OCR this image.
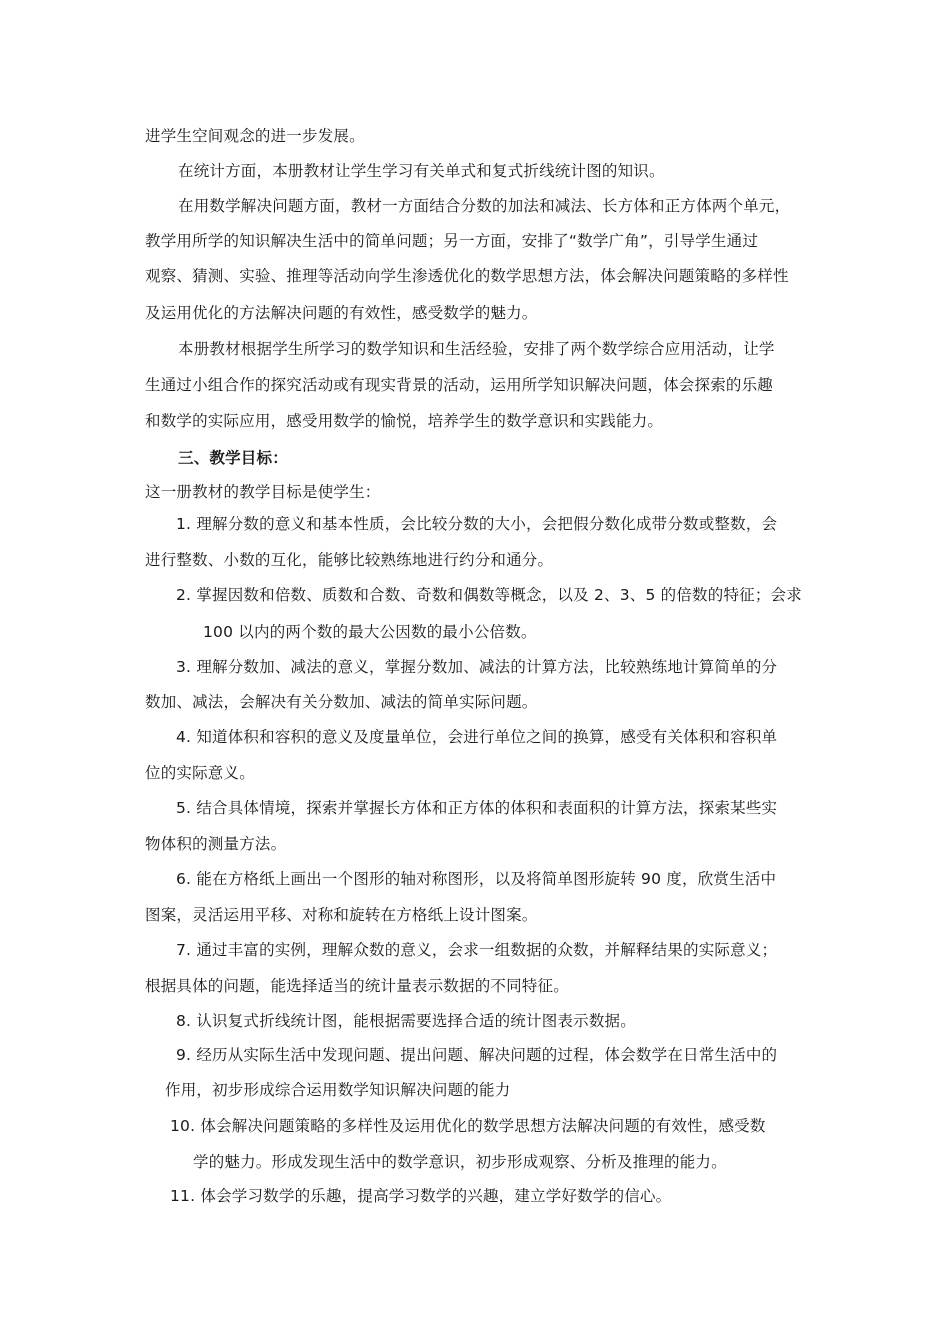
进学生空间观念的进一步发展。
在统计方面，本册教材让学生学习有关单式和复式折线统计图的知识。
在用数学解决问题方面，教材一方面结合分数的加法和减法、长方体和正方体两个单元，
教学用所学的知识解决生活中的简单问题；另一方面，安排了“数学广角”，引导学生通过
观察、猜测、实验、推理等活动向学生渗透优化的数学思想方法，体会解决问题策略的多样性
及运用优化的方法解决问题的有效性，感受数学的魅力。
本册教材根据学生所学习的数学知识和生活经验，安排了两个数学综合应用活动，让学
生通过小组合作的探究活动或有现实背景的活动，运用所学知识解决问题，体会探索的乐趣
和数学的实际应用，感受用数学的愉悦，培养学生的数学意识和实践能力。
三、教学目标：
这一册教材的教学目标是使学生：
1. 理解分数的意义和基本性质，会比较分数的大小，会把假分数化成带分数或整数，会
进行整数、小数的互化，能够比较熟练地进行约分和通分。
2. 掌握因数和倍数、质数和合数、奇数和偶数等概念，以及 2、3、5 的倍数的特征；会求
100 以内的两个数的最大公因数的最小公倍数。
3. 理解分数加、减法的意义，掌握分数加、减法的计算方法，比较熟练地计算简单的分
数加、减法，会解决有关分数加、减法的简单实际问题。
4. 知道体积和容积的意义及度量单位，会进行单位之间的换算，感受有关体积和容积单
位的实际意义。
5. 结合具体情境，探索并掌握长方体和正方体的体积和表面积的计算方法，探索某些实
物体积的测量方法。
6. 能在方格纸上画出一个图形的轴对称图形，以及将简单图形旋转 90 度，欣赏生活中
图案，灵活运用平移、对称和旋转在方格纸上设计图案。
7. 通过丰富的实例，理解众数的意义，会求一组数据的众数，并解释结果的实际意义；
根据具体的问题，能选择适当的统计量表示数据的不同特征。
8. 认识复式折线统计图，能根据需要选择合适的统计图表示数据。
9. 经历从实际生活中发现问题、提出问题、解决问题的过程，体会数学在日常生活中的
作用，初步形成综合运用数学知识解决问题的能力
10. 体会解决问题策略的多样性及运用优化的数学思想方法解决问题的有效性，感受数
学的魅力。形成发现生活中的数学意识，初步形成观察、分析及推理的能力。
11. 体会学习数学的乐趣，提高学习数学的兴趣，建立学好数学的信心。
